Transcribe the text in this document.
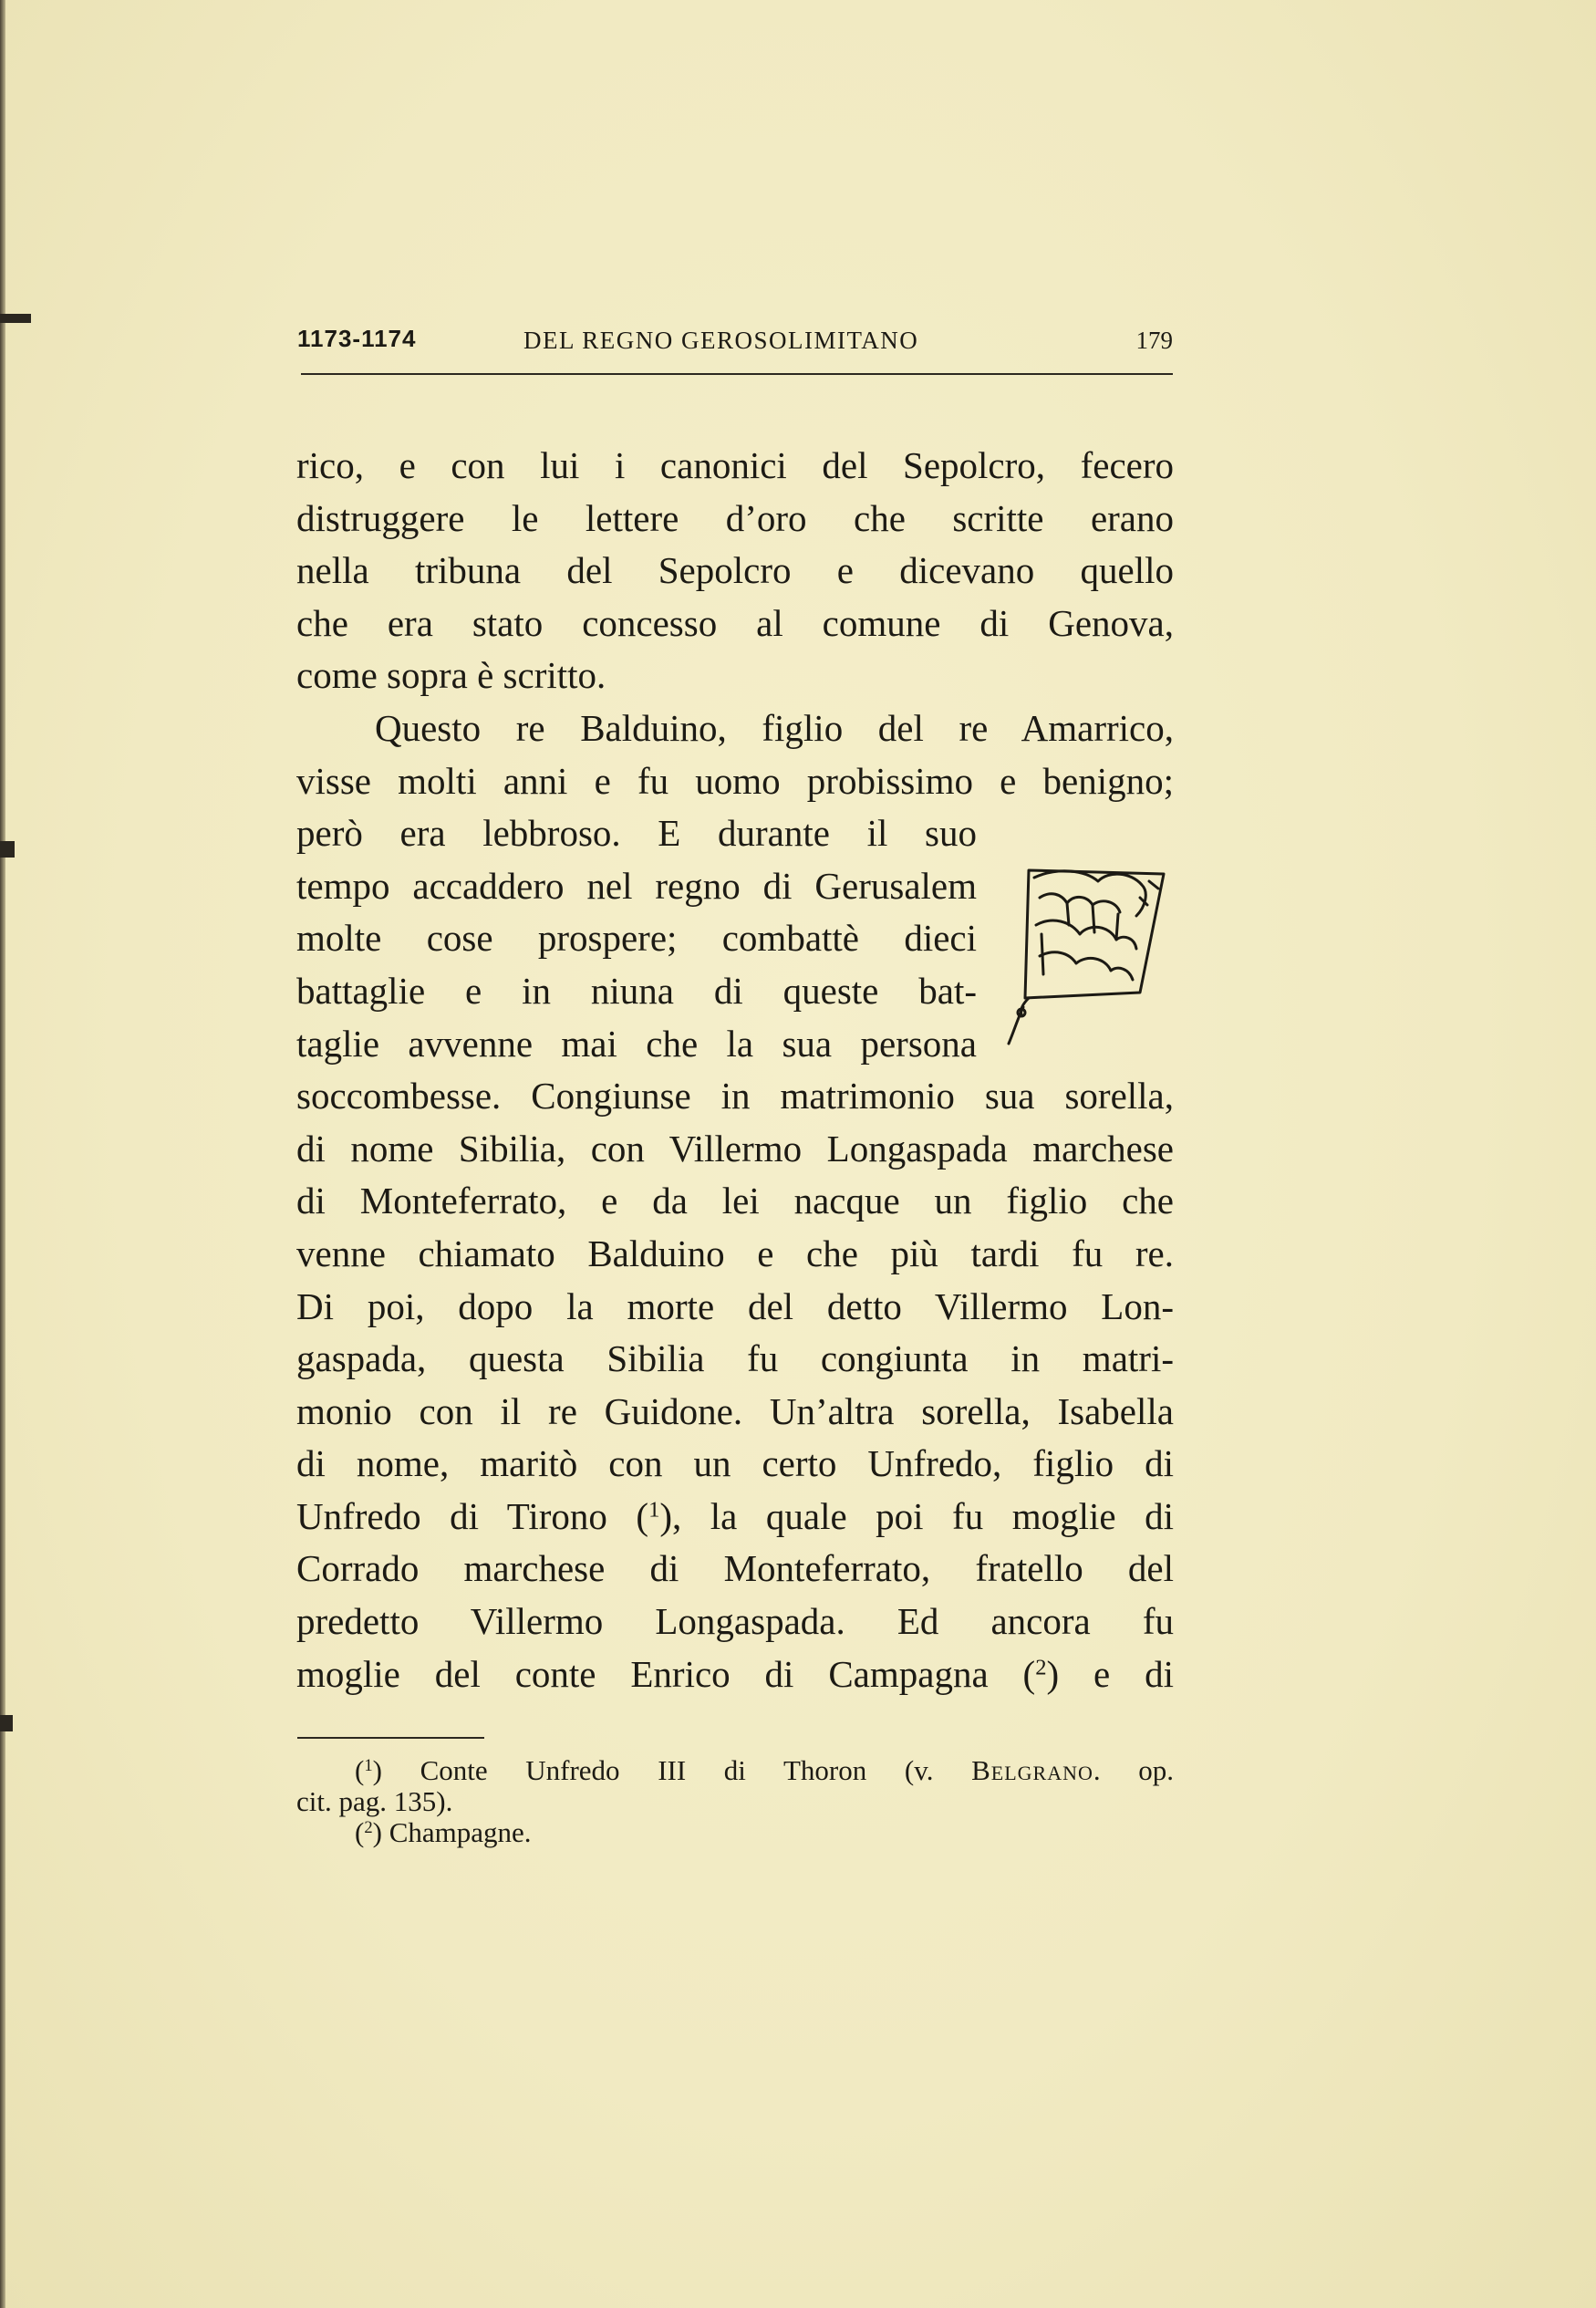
1173-1174	DEL REGNO GEROSOLIMITANO	179
rico, e con lui i canonici del Sepolcro, fecero
distruggere le lettere d’oro che scritte erano
nella tribuna del Sepolcro e dicevano quello
che era stato concesso al comune di Genova,
come sopra è scritto.
Questo re Balduino, figlio del re Amarrico,
visse molti anni e fu uomo probissimo e benigno;
però era lebbroso. E durante il suo
tempo accaddero nel regno di Gerusalem
molte cose prospere; combattè dieci
battaglie e in niuna di queste bat-
taglie avvenne mai che la sua persona
soccombesse. Congiunse in matrimonio sua sorella,
di nome Sibilia, con Villermo Longaspada marchese
di Monteferrato, e da lei nacque un figlio che
venne chiamato Balduino e che più tardi fu re.
Di poi, dopo la morte del detto Villermo Lon-
gaspada, questa Sibilia fu congiunta in matri-
monio con il re Guidone. Un’altra sorella, Isabella
di nome, maritò con un certo Unfredo, figlio di
Unfredo di Tirono ($^1$), la quale poi fu moglie di
Corrado marchese di Monteferrato, fratello del
predetto Villermo Longaspada. Ed ancora fu
moglie del conte Enrico di Campagna ($^2$) e di
($^1$) Conte Unfredo III di Thoron (v. Belgrano. op.
cit. pag. 135).
($^2$) Champagne.
